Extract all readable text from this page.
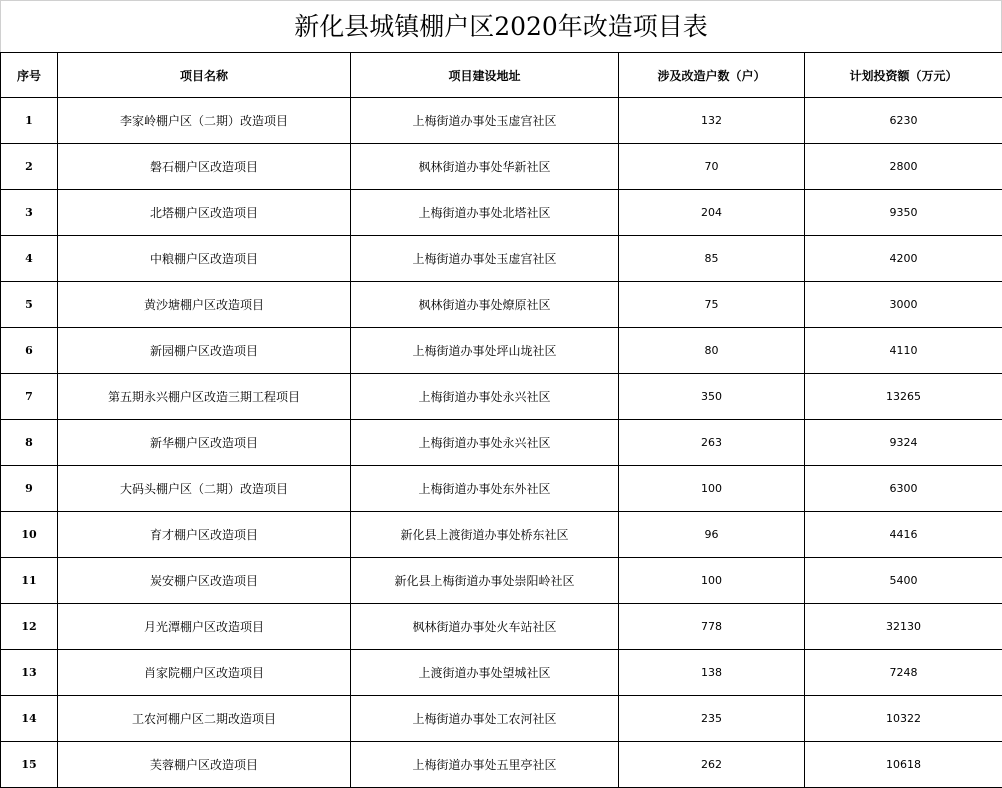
新化县城镇棚户区2020年改造项目表
序号	项目名称	项目建设地址	涉及改造户数（户）	计划投资额（万元）
1	李家岭棚户区（二期）改造项目	上梅街道办事处玉虚宫社区	132	6230
2	磐石棚户区改造项目	枫林街道办事处华新社区	70	2800
3	北塔棚户区改造项目	上梅街道办事处北塔社区	204	9350
4	中粮棚户区改造项目	上梅街道办事处玉虚宫社区	85	4200
5	黄沙塘棚户区改造项目	枫林街道办事处燎原社区	75	3000
6	新园棚户区改造项目	上梅街道办事处坪山垅社区	80	4110
7	第五期永兴棚户区改造三期工程项目	上梅街道办事处永兴社区	350	13265
8	新华棚户区改造项目	上梅街道办事处永兴社区	263	9324
9	大码头棚户区（二期）改造项目	上梅街道办事处东外社区	100	6300
10	育才棚户区改造项目	新化县上渡街道办事处桥东社区	96	4416
11	炭安棚户区改造项目	新化县上梅街道办事处崇阳岭社区	100	5400
12	月光潭棚户区改造项目	枫林街道办事处火车站社区	778	32130
13	肖家院棚户区改造项目	上渡街道办事处望城社区	138	7248
14	工农河棚户区二期改造项目	上梅街道办事处工农河社区	235	10322
15	芙蓉棚户区改造项目	上梅街道办事处五里亭社区	262	10618
